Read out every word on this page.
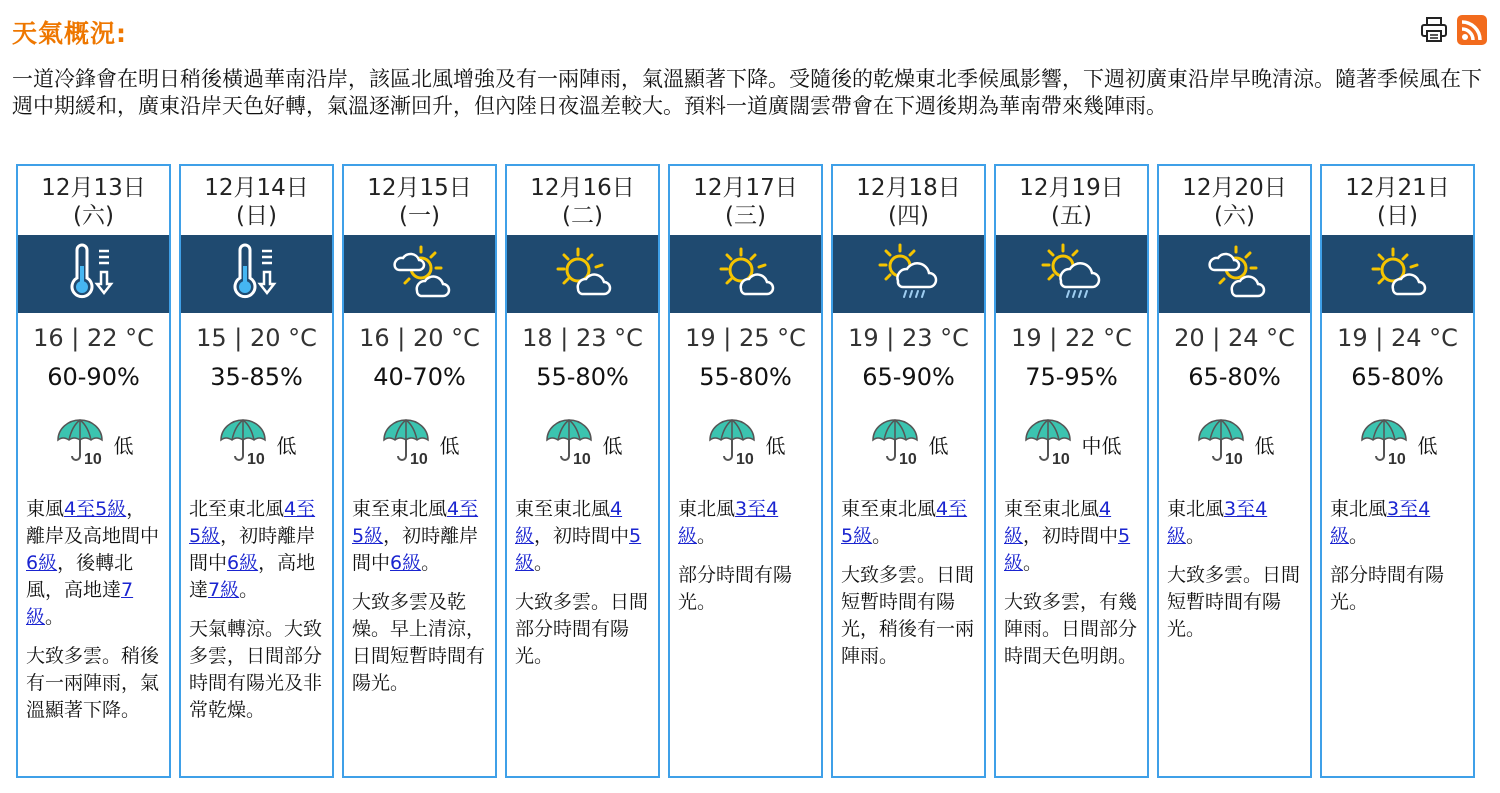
天氣概況:
一道冷鋒會在明日稍後橫過華南沿岸，該區北風增強及有一兩陣雨，氣溫顯著下降。受隨後的乾燥東北季候風影響，下週初廣東沿岸早晚清涼。隨著季候風在下週中期緩和，廣東沿岸天色好轉，氣溫逐漸回升，但內陸日夜溫差較大。預料一道廣闊雲帶會在下週後期為華南帶來幾陣雨。
12月13日
(六)
16 | 22 °C
60-90%
10
低
東風4至5級，離岸及高地間中6級，後轉北風，高地達7級。
大致多雲。稍後有一兩陣雨，氣溫顯著下降。
12月14日
(日)
15 | 20 °C
35-85%
10
低
北至東北風4至5級，初時離岸間中6級，高地達7級。
天氣轉涼。大致多雲，日間部分時間有陽光及非常乾燥。
12月15日
(一)
16 | 20 °C
40-70%
10
低
東至東北風4至5級，初時離岸間中6級。
大致多雲及乾燥。早上清涼，日間短暫時間有陽光。
12月16日
(二)
18 | 23 °C
55-80%
10
低
東至東北風4級，初時間中5級。
大致多雲。日間部分時間有陽光。
12月17日
(三)
19 | 25 °C
55-80%
10
低
東北風3至4級。
部分時間有陽光。
12月18日
(四)
19 | 23 °C
65-90%
10
低
東至東北風4至5級。
大致多雲。日間短暫時間有陽光，稍後有一兩陣雨。
12月19日
(五)
19 | 22 °C
75-95%
10
中低
東至東北風4級，初時間中5級。
大致多雲，有幾陣雨。日間部分時間天色明朗。
12月20日
(六)
20 | 24 °C
65-80%
10
低
東北風3至4級。
大致多雲。日間短暫時間有陽光。
12月21日
(日)
19 | 24 °C
65-80%
10
低
東北風3至4級。
部分時間有陽光。
